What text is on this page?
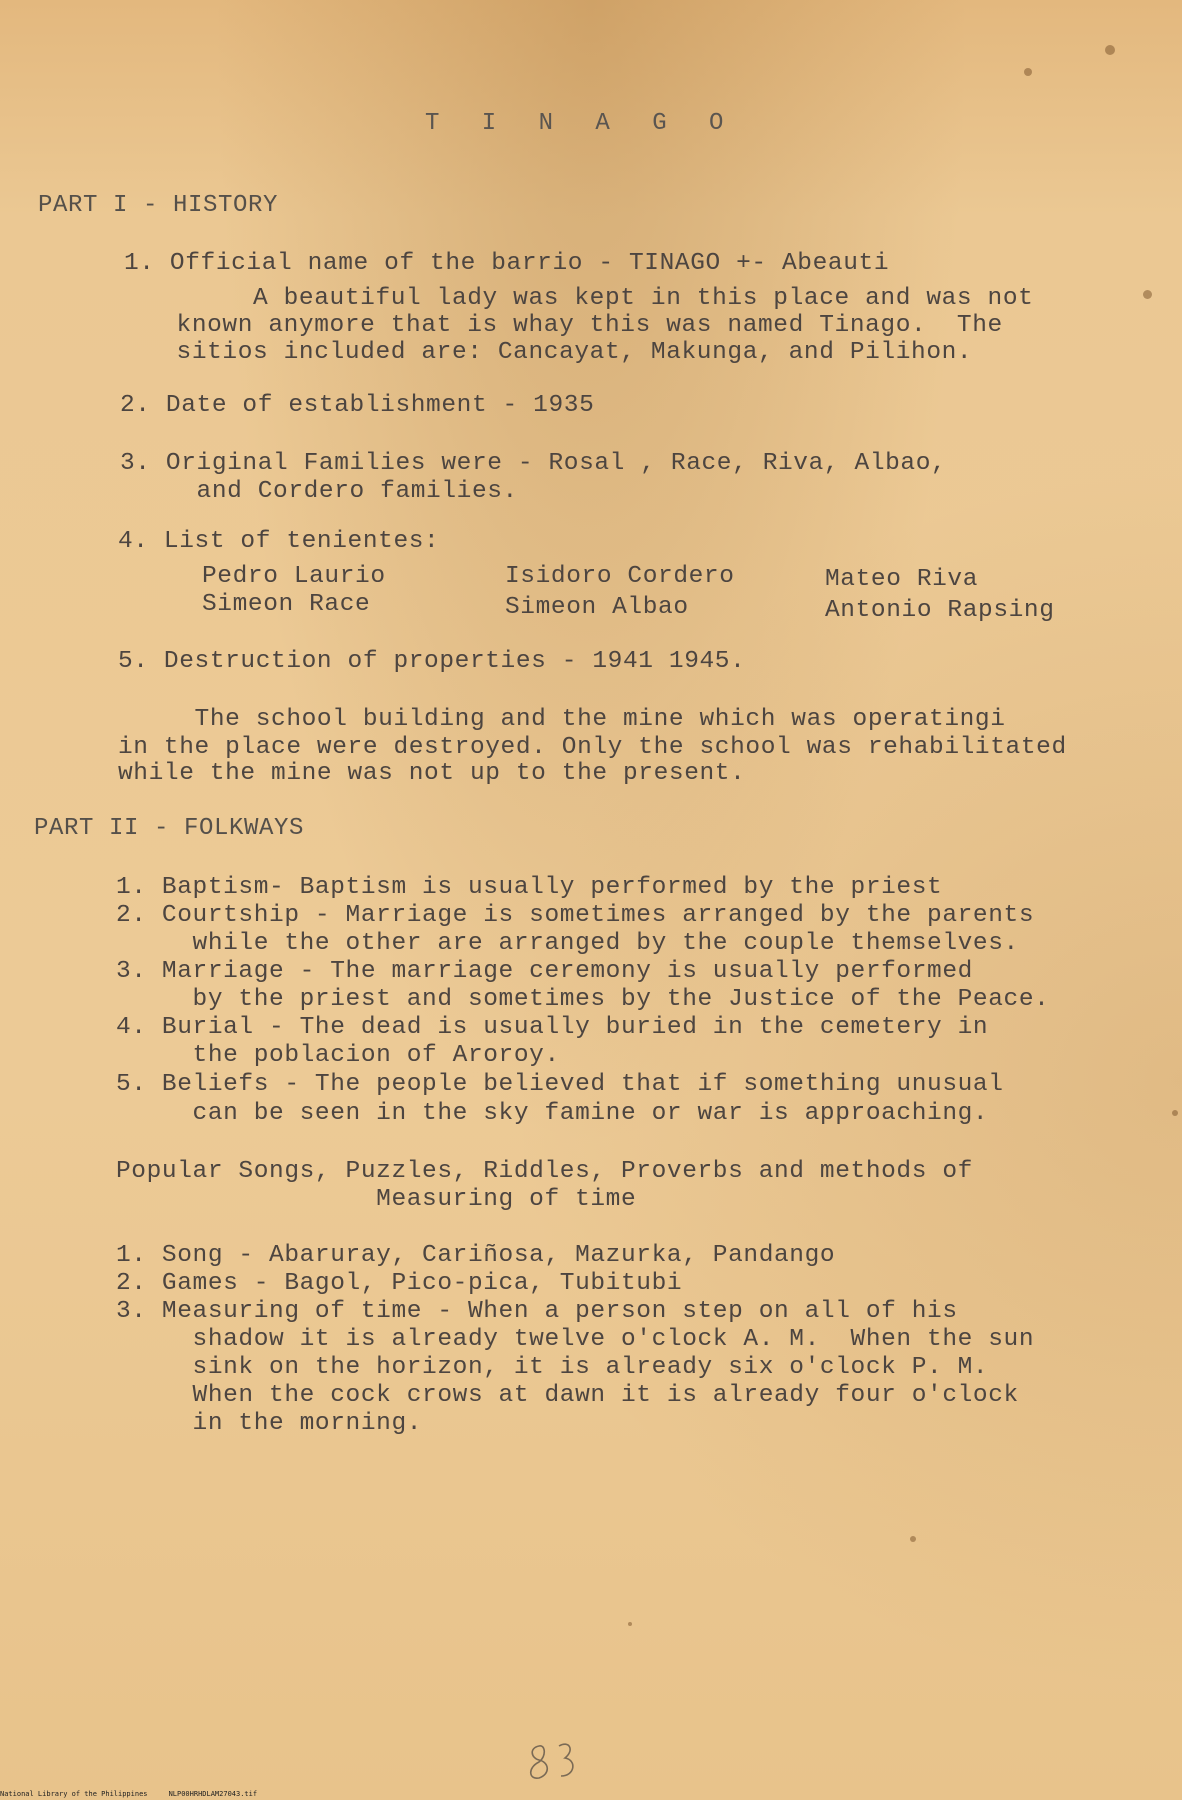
T I N A G O
PART I - HISTORY
1. Official name of the barrio - TINAGO +- Abeauti
A beautiful lady was kept in this place and was not
known anymore that is whay this was named Tinago.  The
sitios included are: Cancayat, Makunga, and Pilihon.
2. Date of establishment - 1935
3. Original Families were - Rosal , Race, Riva, Albao,
and Cordero families.
4. List of tenientes:
Pedro Laurio	Isidoro Cordero	Mateo Riva
Simeon Race	Simeon Albao	Antonio Rapsing
5. Destruction of properties - 1941 1945.
The school building and the mine which was operatingi
in the place were destroyed. Only the school was rehabilitated
while the mine was not up to the present.
PART II - FOLKWAYS
1. Baptism- Baptism is usually performed by the priest
2. Courtship - Marriage is sometimes arranged by the parents
while the other are arranged by the couple themselves.
3. Marriage - The marriage ceremony is usually performed
by the priest and sometimes by the Justice of the Peace.
4. Burial - The dead is usually buried in the cemetery in
the poblacion of Aroroy.
5. Beliefs - The people believed that if something unusual
can be seen in the sky famine or war is approaching.
Popular Songs, Puzzles, Riddles, Proverbs and methods of
Measuring of time
1. Song - Abaruray, Cariñosa, Mazurka, Pandango
2. Games - Bagol, Pico-pica, Tubitubi
3. Measuring of time - When a person step on all of his
shadow it is already twelve o'clock A. M.  When the sun
sink on the horizon, it is already six o'clock P. M.
When the cock crows at dawn it is already four o'clock
in the morning.
National Library of the Philippines     NLP00HRHDLAM27043.tif
